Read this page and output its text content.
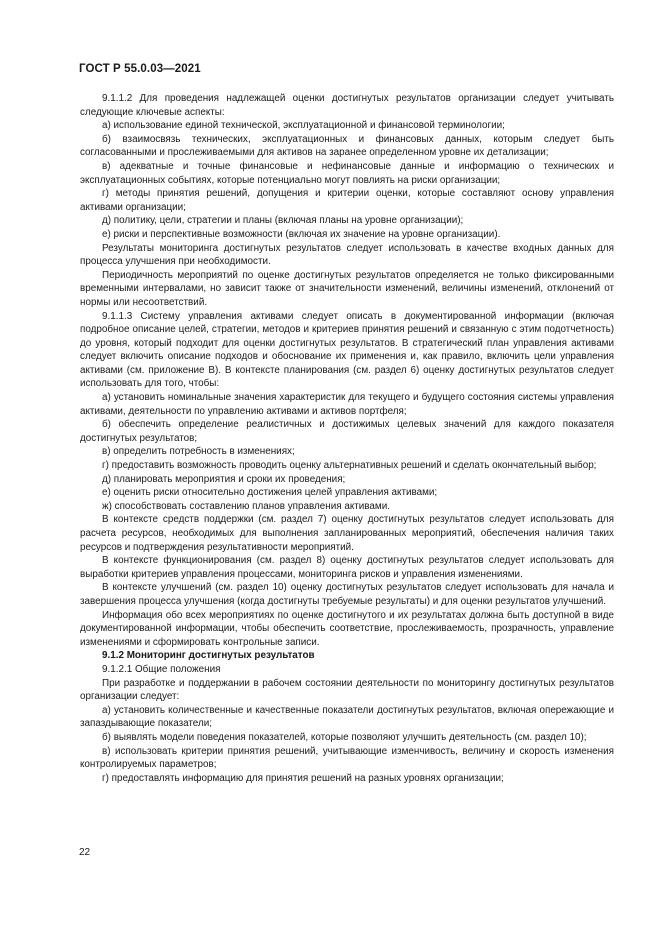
ГОСТ Р 55.0.03—2021

9.1.1.2 Для проведения надлежащей оценки достигнутых результатов организации следует учитывать следующие ключевые аспекты:

а) использование единой технической, эксплуатационной и финансовой терминологии;

б) взаимосвязь технических, эксплуатационных и финансовых данных, которым следует быть согласованными и прослеживаемыми для активов на заранее определенном уровне их детализации;

в) адекватные и точные финансовые и нефинансовые данные и информацию о технических и эксплуатационных событиях, которые потенциально могут повлиять на риски организации;

г) методы принятия решений, допущения и критерии оценки, которые составляют основу управления активами организации;

д) политику, цели, стратегии и планы (включая планы на уровне организации);

е) риски и перспективные возможности (включая их значение на уровне организации).

Результаты мониторинга достигнутых результатов следует использовать в качестве входных данных для процесса улучшения при необходимости.

Периодичность мероприятий по оценке достигнутых результатов определяется не только фиксированными временными интервалами, но зависит также от значительности изменений, величины изменений, отклонений от нормы или несоответствий.

9.1.1.3 Систему управления активами следует описать в документированной информации (включая подробное описание целей, стратегии, методов и критериев принятия решений и связанную с этим подотчетность) до уровня, который подходит для оценки достигнутых результатов. В стратегический план управления активами следует включить описание подходов и обоснование их применения и, как правило, включить цели управления активами (см. приложение В). В контексте планирования (см. раздел 6) оценку достигнутых результатов следует использовать для того, чтобы:

а) установить номинальные значения характеристик для текущего и будущего состояния системы управления активами, деятельности по управлению активами и активов портфеля;

б) обеспечить определение реалистичных и достижимых целевых значений для каждого показателя достигнутых результатов;

в) определить потребность в изменениях;

г) предоставить возможность проводить оценку альтернативных решений и сделать окончательный выбор;

д) планировать мероприятия и сроки их проведения;

е) оценить риски относительно достижения целей управления активами;

ж) способствовать составлению планов управления активами.

В контексте средств поддержки (см. раздел 7) оценку достигнутых результатов следует использовать для расчета ресурсов, необходимых для выполнения запланированных мероприятий, обеспечения наличия таких ресурсов и подтверждения результативности мероприятий.

В контексте функционирования (см. раздел 8) оценку достигнутых результатов следует использовать для выработки критериев управления процессами, мониторинга рисков и управления изменениями.

В контексте улучшений (см. раздел 10) оценку достигнутых результатов следует использовать для начала и завершения процесса улучшения (когда достигнуты требуемые результаты) и для оценки результатов улучшений.

Информация обо всех мероприятиях по оценке достигнутого и их результатах должна быть доступной в виде документированной информации, чтобы обеспечить соответствие, прослеживаемость, прозрачность, управление изменениями и сформировать контрольные записи.

9.1.2 Мониторинг достигнутых результатов

9.1.2.1 Общие положения

При разработке и поддержании в рабочем состоянии деятельности по мониторингу достигнутых результатов организации следует:

а) установить количественные и качественные показатели достигнутых результатов, включая опережающие и запаздывающие показатели;

б) выявлять модели поведения показателей, которые позволяют улучшить деятельность (см. раздел 10);

в) использовать критерии принятия решений, учитывающие изменчивость, величину и скорость изменения контролируемых параметров;

г) предоставлять информацию для принятия решений на разных уровнях организации;

22
